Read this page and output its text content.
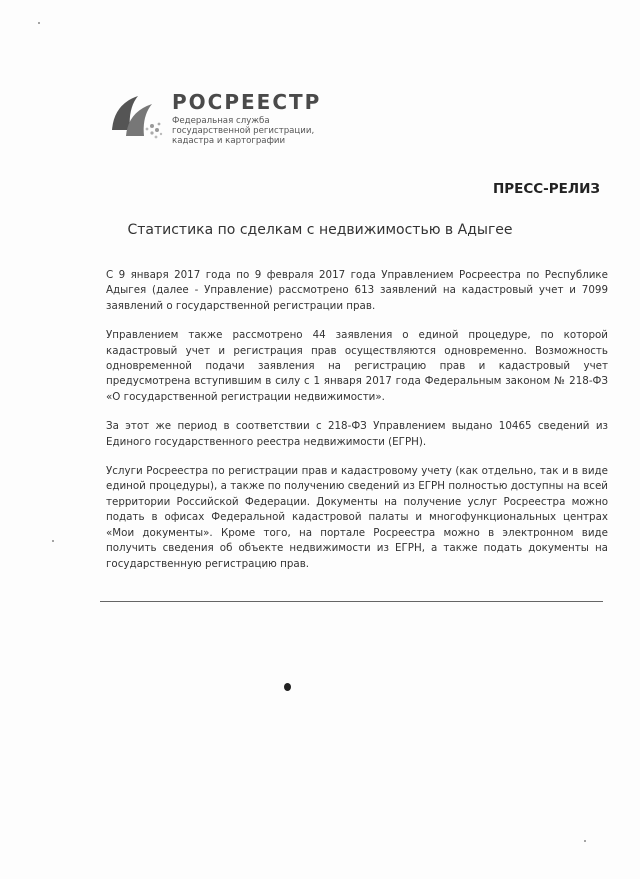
РОСРЕЕСТР
Федеральная служба
государственной регистрации,
кадастра и картографии
ПРЕСС-РЕЛИЗ
Статистика по сделкам с недвижимостью в Адыгее

С 9 января 2017 года по 9 февраля 2017 года Управлением Росреестра по Республике Адыгея (далее - Управление) рассмотрено 613 заявлений на кадастровый учет и 7099 заявлений о государственной регистрации прав.

Управлением также рассмотрено 44 заявления о единой процедуре, по которой кадастровый учет и регистрация прав осуществляются одновременно. Возможность одновременной подачи заявления на регистрацию прав и кадастровый учет предусмотрена вступившим в силу с 1 января 2017 года Федеральным законом № 218-ФЗ «О государственной регистрации недвижимости».

За этот же период в соответствии с 218-ФЗ Управлением выдано 10465 сведений из Единого государственного реестра недвижимости (ЕГРН).

Услуги Росреестра по регистрации прав и кадастровому учету (как отдельно, так и в виде единой процедуры), а также по получению сведений из ЕГРН полностью доступны на всей территории Российской Федерации. Документы на получение услуг Росреестра можно подать в офисах Федеральной кадастровой палаты и многофункциональных центрах «Мои документы». Кроме того, на портале Росреестра можно в электронном виде получить сведения об объекте недвижимости из ЕГРН, а также подать документы на государственную регистрацию прав.
